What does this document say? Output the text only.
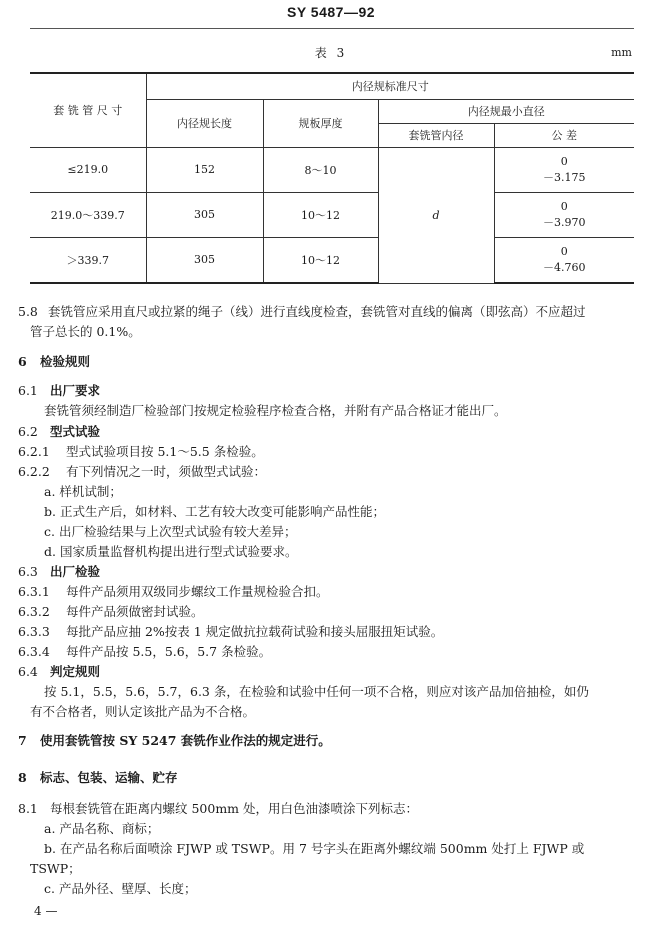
SY 5487—92
表 3	mm
套 铣 管 尺 寸	内径规标准尺寸			
	内径规长度	规板厚度	内径规最小直径	
			套铣管内径	公 差
≤219.0	152	8～10	d	0
－3.175

219.0～339.7	305	10～12		0
－3.970

＞339.7	305	10～12		0
－4.760
5.8 套铣管应采用直尺或拉紧的绳子（线）进行直线度检查，套铣管对直线的偏离（即弦高）不应超过
管子总长的 0.1%。
6 检验规则
6.1 出厂要求
套铣管须经制造厂检验部门按规定检验程序检查合格，并附有产品合格证才能出厂。
6.2 型式试验
6.2.1 型式试验项目按 5.1～5.5 条检验。
6.2.2 有下列情况之一时，须做型式试验：
a. 样机试制；
b. 正式生产后，如材料、工艺有较大改变可能影响产品性能；
c. 出厂检验结果与上次型式试验有较大差异；
d. 国家质量监督机构提出进行型式试验要求。
6.3 出厂检验
6.3.1 每件产品须用双级同步螺纹工作量规检验合扣。
6.3.2 每件产品须做密封试验。
6.3.3 每批产品应抽 2%按表 1 规定做抗拉载荷试验和接头屈服扭矩试验。
6.3.4 每件产品按 5.5，5.6，5.7 条检验。
6.4 判定规则
按 5.1，5.5，5.6，5.7，6.3 条，在检验和试验中任何一项不合格，则应对该产品加倍抽检，如仍
有不合格者，则认定该批产品为不合格。
7 使用套铣管按 SY 5247 套铣作业作法的规定进行。
8 标志、包装、运输、贮存
8.1 每根套铣管在距离内螺纹 500mm 处，用白色油漆喷涂下列标志：
a. 产品名称、商标；
b. 在产品名称后面喷涂 FJWP 或 TSWP。用 7 号字头在距离外螺纹端 500mm 处打上 FJWP 或
TSWP；
c. 产品外径、壁厚、长度；
4 —
